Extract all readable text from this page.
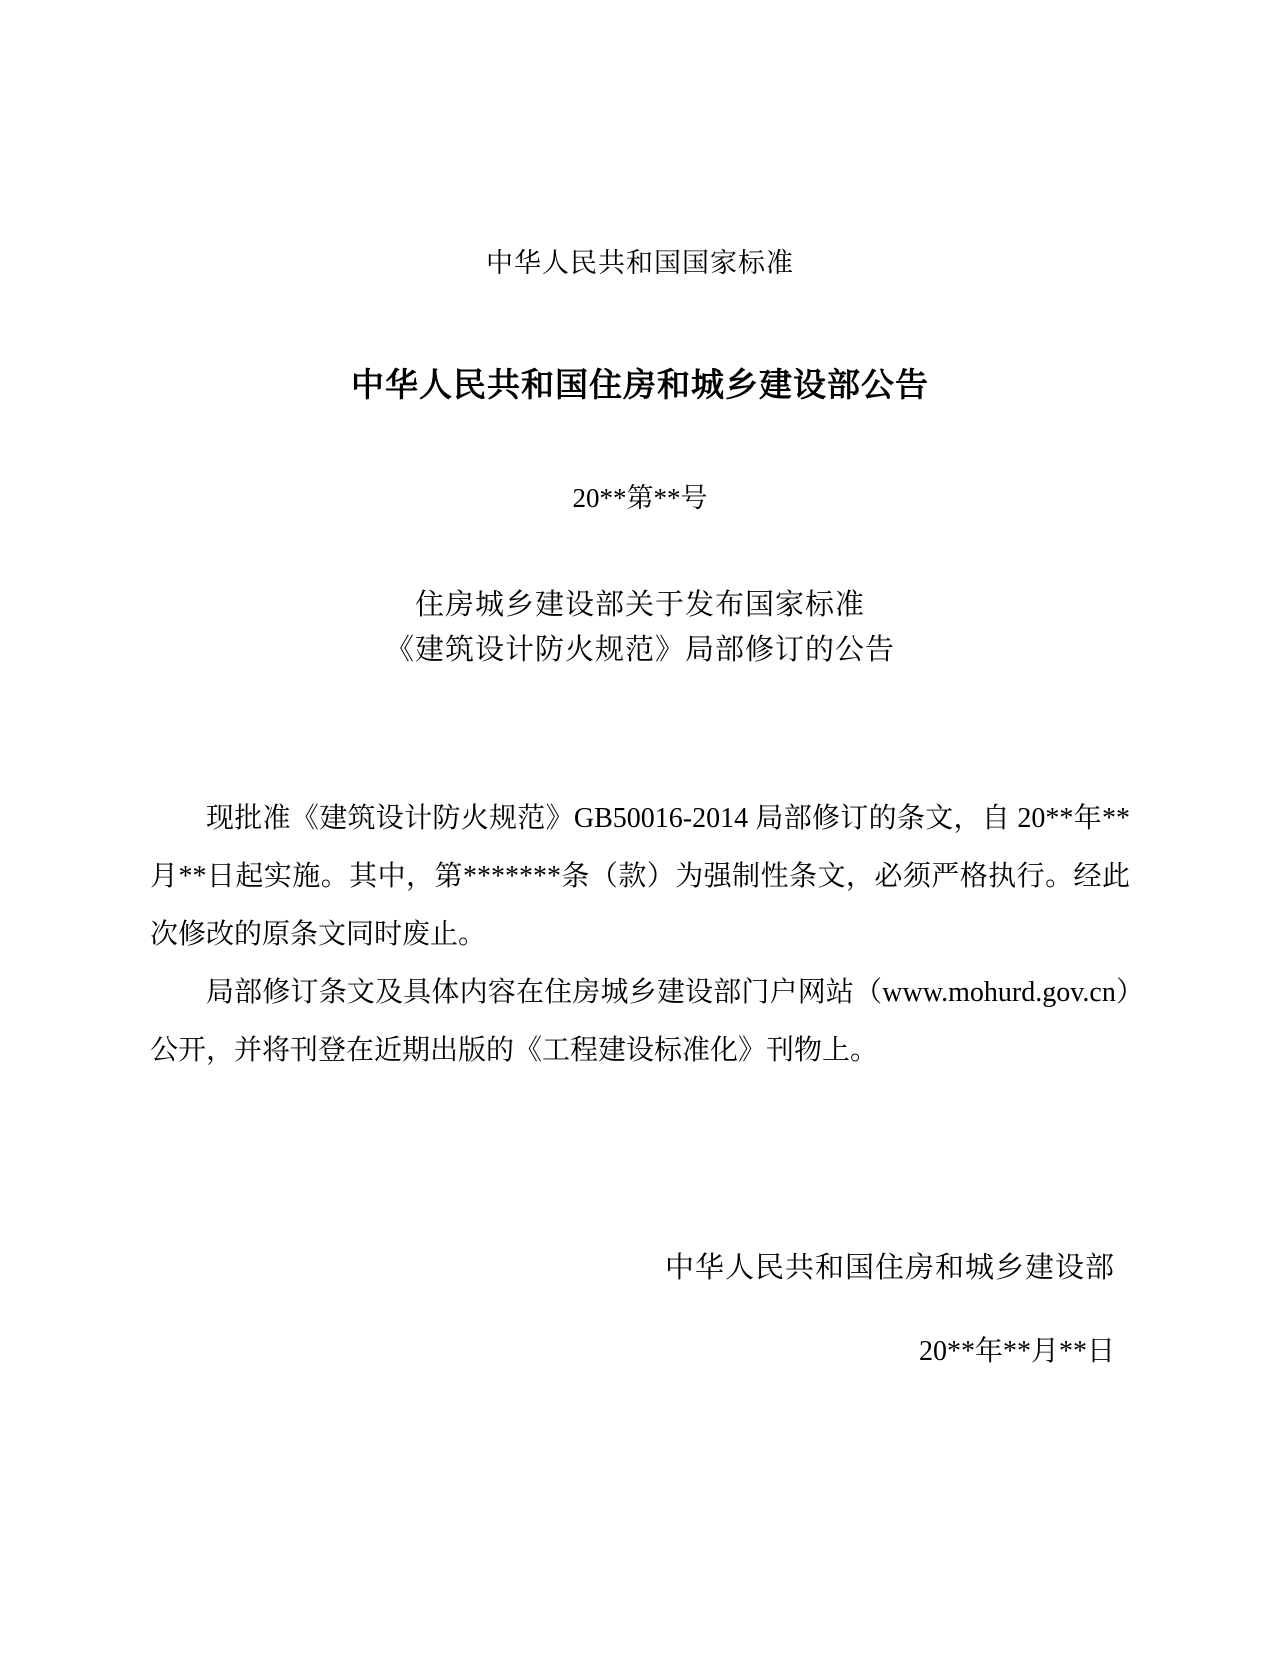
中华人民共和国国家标准
中华人民共和国住房和城乡建设部公告
20**第**号
住房城乡建设部关于发布国家标准
《建筑设计防火规范》局部修订的公告

现批准《建筑设计防火规范》GB50016-2014 局部修订的条文，自 20**年**月**日起实施。其中，第*******条（款）为强制性条文，必须严格执行。经此次修改的原条文同时废止。

局部修订条文及具体内容在住房城乡建设部门户网站（www.mohurd.gov.cn）公开，并将刊登在近期出版的《工程建设标准化》刊物上。

中华人民共和国住房和城乡建设部
20**年**月**日
